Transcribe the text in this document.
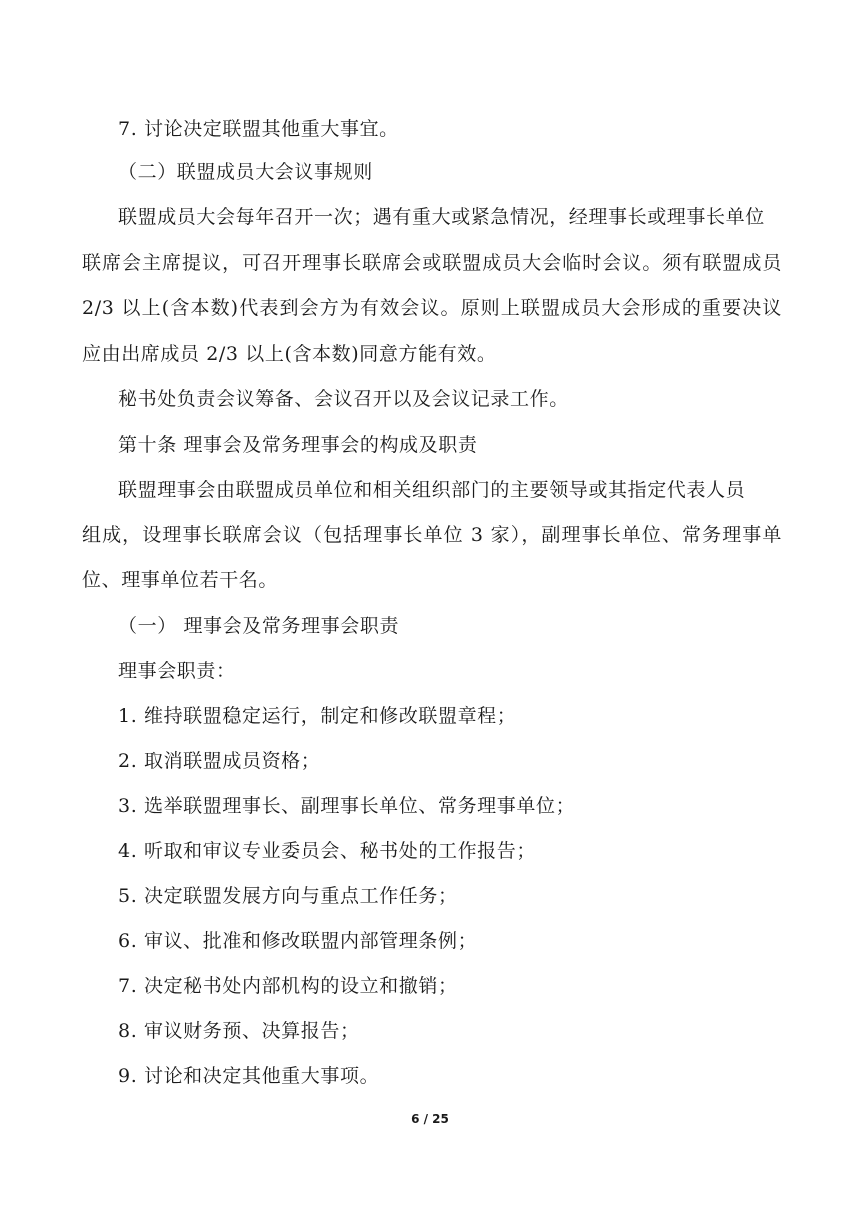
7. 讨论决定联盟其他重大事宜。
（二）联盟成员大会议事规则
联盟成员大会每年召开一次；遇有重大或紧急情况，经理事长或理事长单位
联席会主席提议，可召开理事长联席会或联盟成员大会临时会议。须有联盟成员
2/3 以上(含本数)代表到会方为有效会议。原则上联盟成员大会形成的重要决议
应由出席成员 2/3 以上(含本数)同意方能有效。
秘书处负责会议筹备、会议召开以及会议记录工作。
第十条 理事会及常务理事会的构成及职责
联盟理事会由联盟成员单位和相关组织部门的主要领导或其指定代表人员
组成，设理事长联席会议（包括理事长单位 3 家），副理事长单位、常务理事单
位、理事单位若干名。
（一） 理事会及常务理事会职责
理事会职责：
1. 维持联盟稳定运行，制定和修改联盟章程；
2. 取消联盟成员资格；
3. 选举联盟理事长、副理事长单位、常务理事单位；
4. 听取和审议专业委员会、秘书处的工作报告；
5. 决定联盟发展方向与重点工作任务；
6. 审议、批准和修改联盟内部管理条例；
7. 决定秘书处内部机构的设立和撤销；
8. 审议财务预、决算报告；
9. 讨论和决定其他重大事项。
6 / 25
